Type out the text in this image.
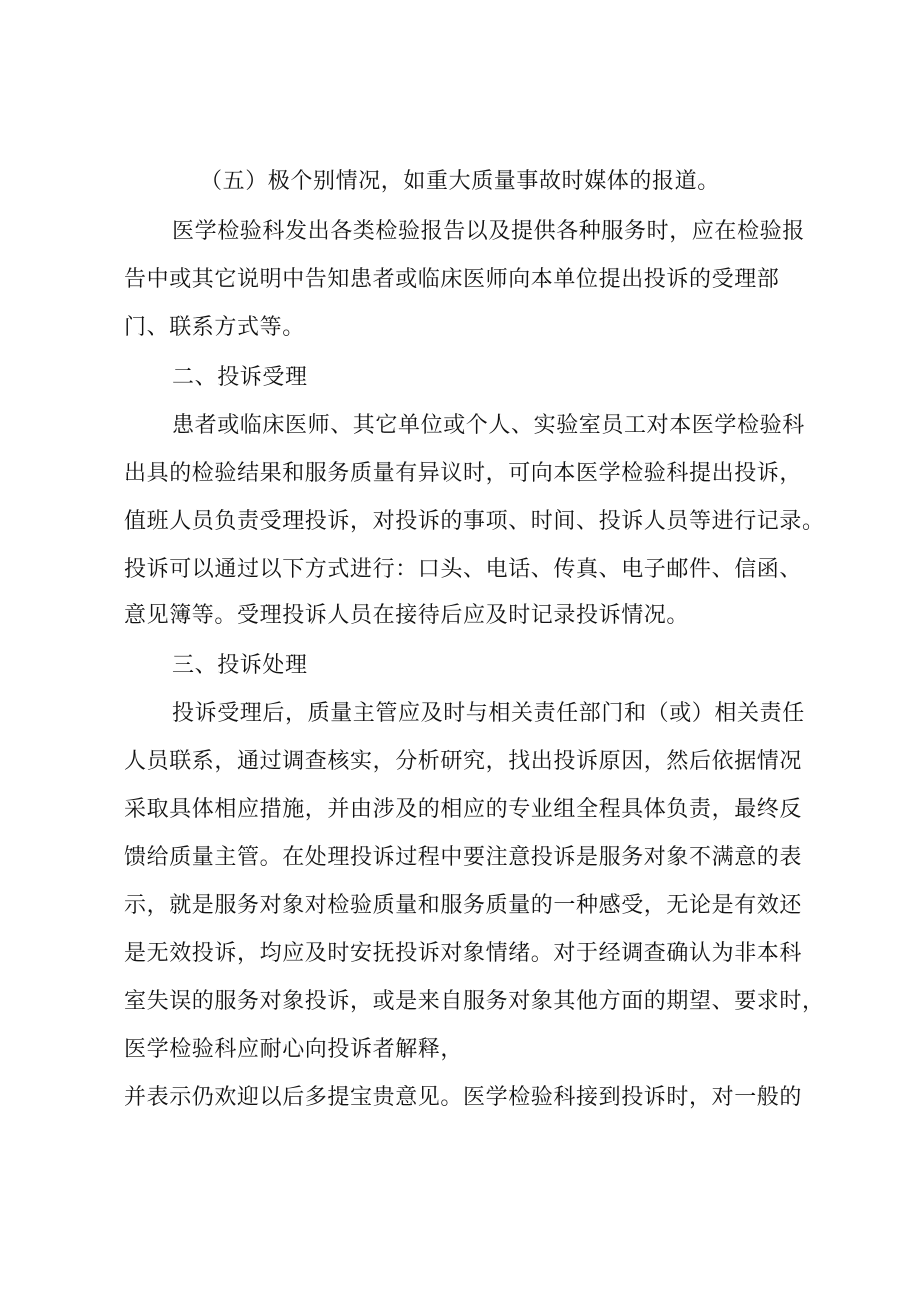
（五）极个别情况，如重大质量事故时媒体的报道。
医学检验科发出各类检验报告以及提供各种服务时，应在检验报
告中或其它说明中告知患者或临床医师向本单位提出投诉的受理部
门、联系方式等。
二、投诉受理
患者或临床医师、其它单位或个人、实验室员工对本医学检验科
出具的检验结果和服务质量有异议时，可向本医学检验科提出投诉，
值班人员负责受理投诉，对投诉的事项、时间、投诉人员等进行记录。
投诉可以通过以下方式进行：口头、电话、传真、电子邮件、信函、
意见簿等。受理投诉人员在接待后应及时记录投诉情况。
三、投诉处理
投诉受理后，质量主管应及时与相关责任部门和（或）相关责任
人员联系，通过调查核实，分析研究，找出投诉原因，然后依据情况
采取具体相应措施，并由涉及的相应的专业组全程具体负责，最终反
馈给质量主管。在处理投诉过程中要注意投诉是服务对象不满意的表
示，就是服务对象对检验质量和服务质量的一种感受，无论是有效还
是无效投诉，均应及时安抚投诉对象情绪。对于经调查确认为非本科
室失误的服务对象投诉，或是来自服务对象其他方面的期望、要求时，
医学检验科应耐心向投诉者解释，
并表示仍欢迎以后多提宝贵意见。医学检验科接到投诉时，对一般的
